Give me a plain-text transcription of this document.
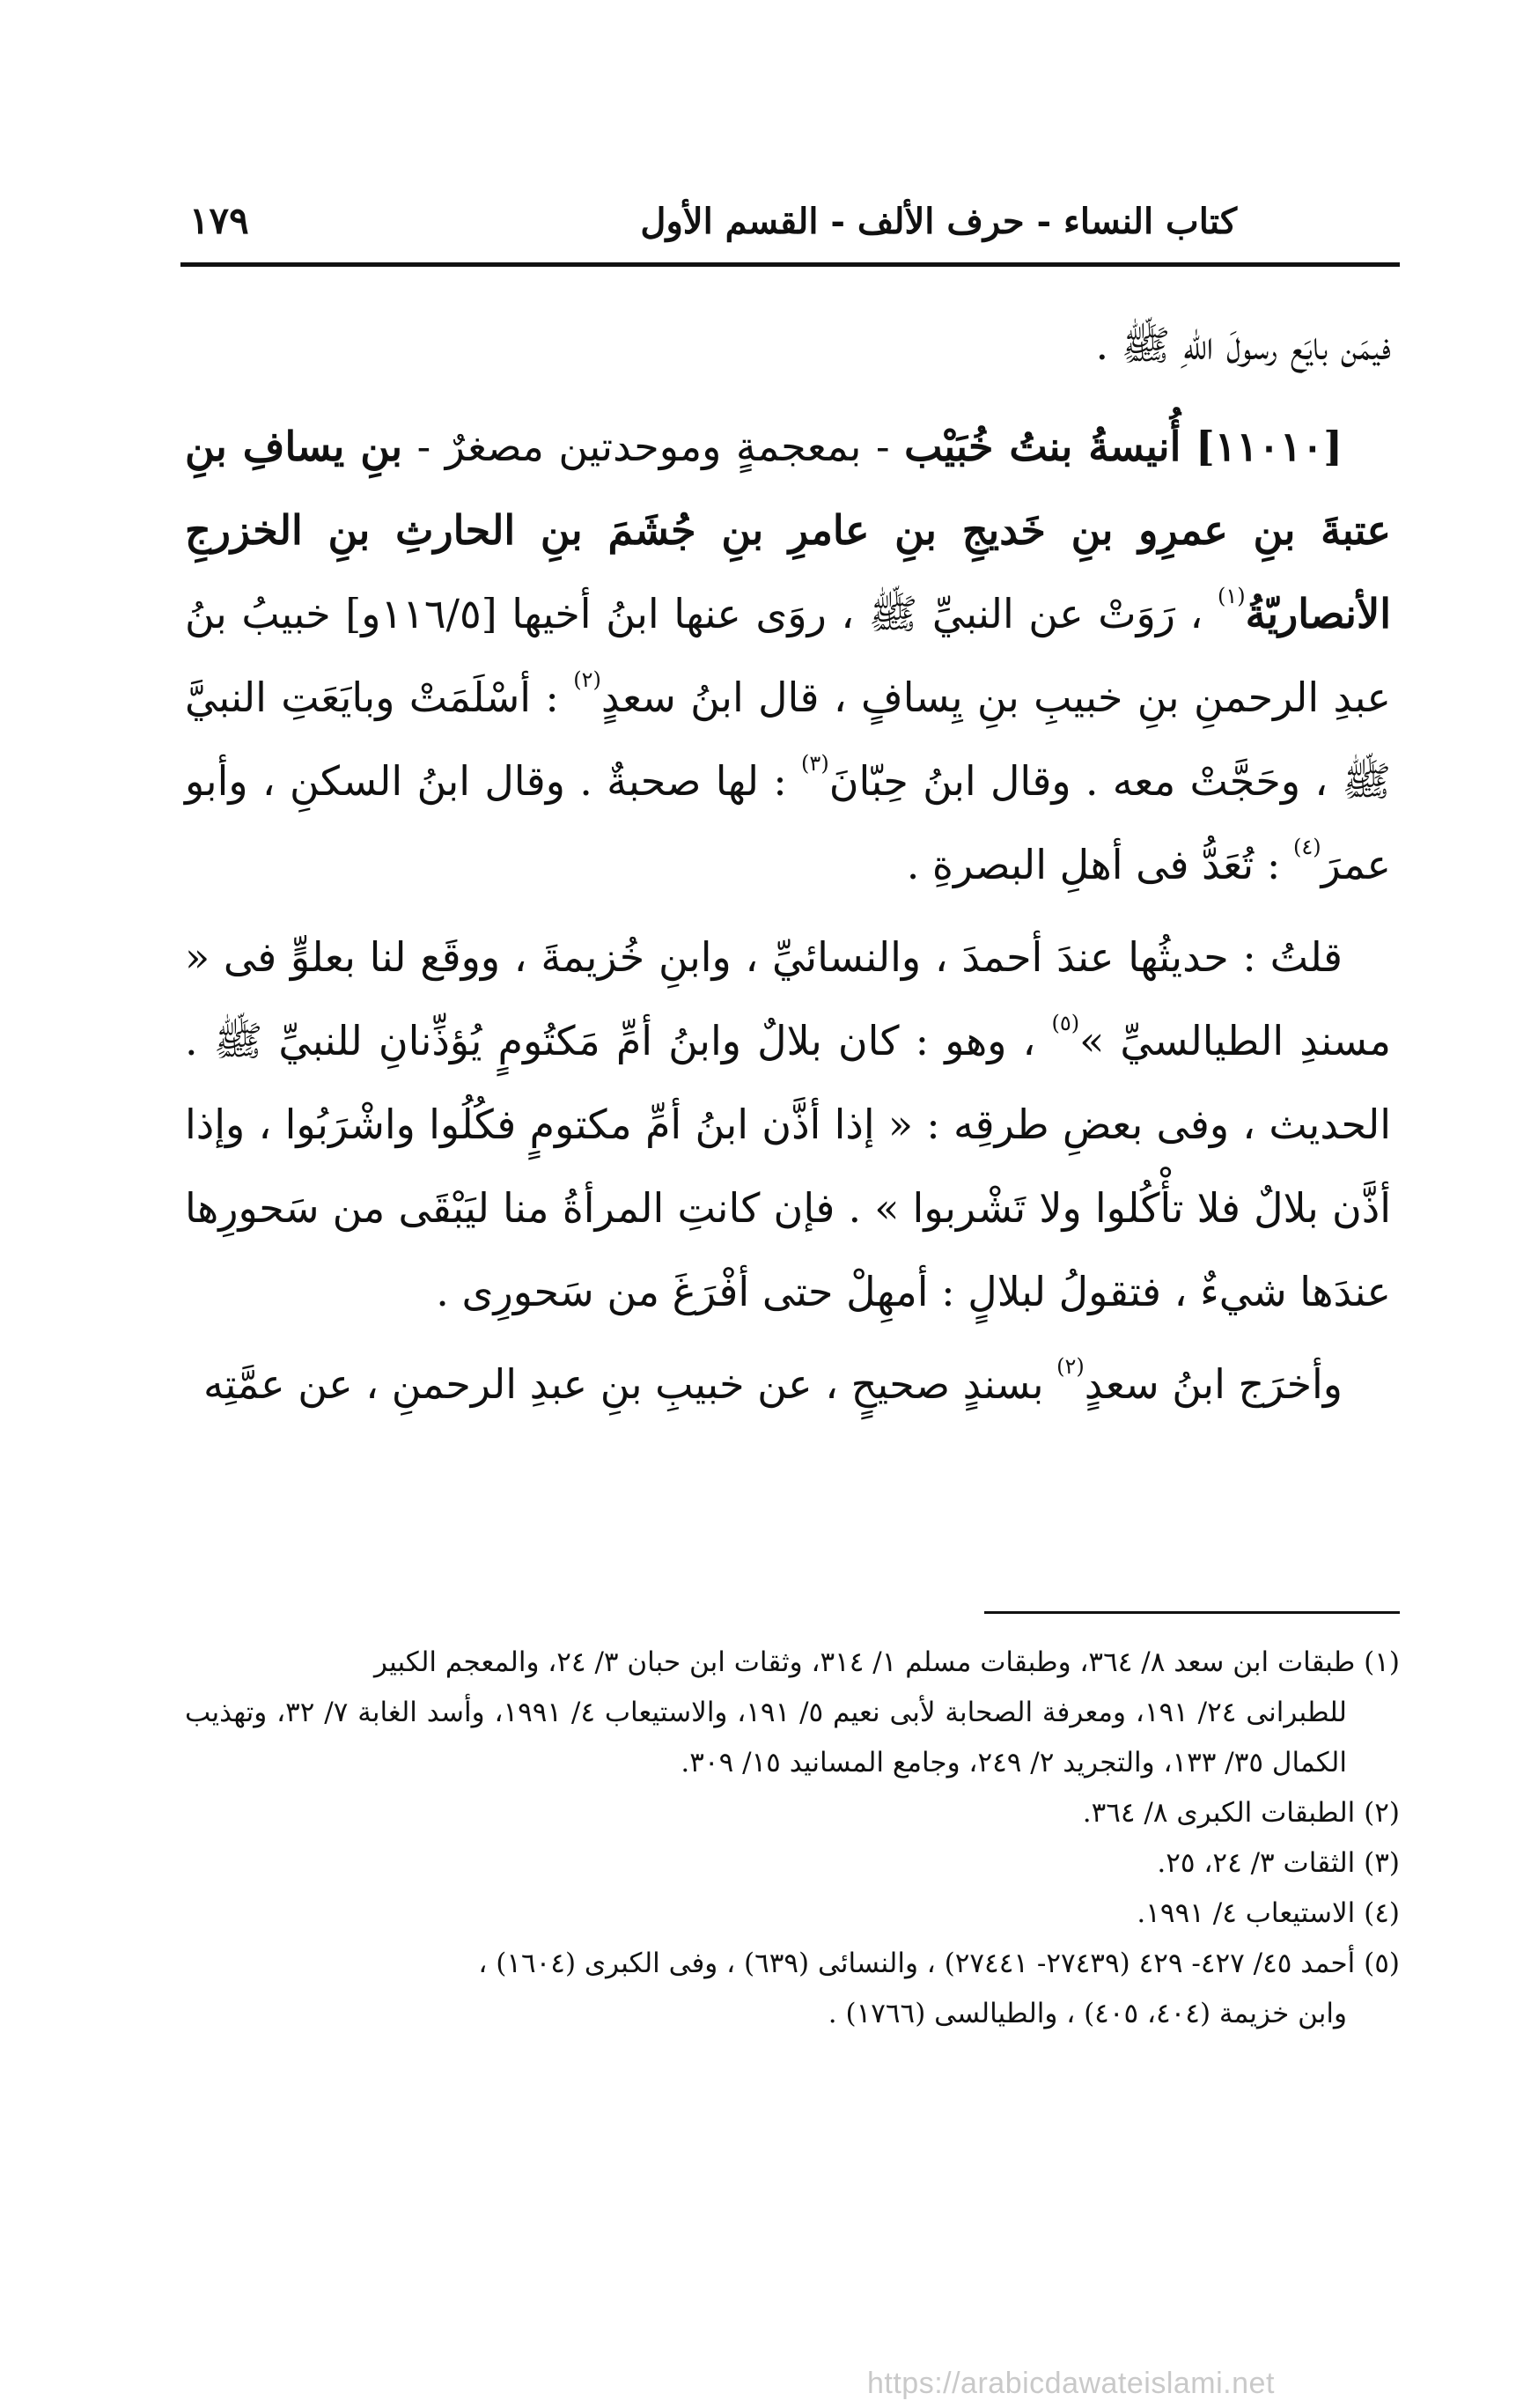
كتاب النساء - حرف الألف - القسم الأول
١٧٩

فيمَن بايَع رسولَ اللهِ ﷺ .

[١١٠١٠] أُنيسةُ بنتُ خُبَيْب - بمعجمةٍ وموحدتين مصغرٌ - بنِ يسافِ بنِ عتبةَ بنِ عمرِو بنِ خَديجِ بنِ عامرِ بنِ جُشَمَ بنِ الحارثِ بنِ الخزرجِ الأنصاريّةُ$^{(١)}$ ، رَوَتْ عن النبيِّ ﷺ ، روَى عنها ابنُ أخيها [١١٦/٥و] خبيبُ بنُ عبدِ الرحمنِ بنِ خبيبِ بنِ يِسافٍ ، قال ابنُ سعدٍ$^{(٢)}$ : أسْلَمَتْ وبايَعَتِ النبيَّ ﷺ ، وحَجَّتْ معه . وقال ابنُ حِبّانَ$^{(٣)}$ : لها صحبةٌ . وقال ابنُ السكنِ ، وأبو عمرَ$^{(٤)}$ : تُعَدُّ فى أهلِ البصرةِ .

قلتُ : حديثُها عندَ أحمدَ ، والنسائيِّ ، وابنِ خُزيمةَ ، ووقَع لنا بعلوٍّ فى « مسندِ الطيالسيِّ »$^{(٥)}$ ، وهو : كان بلالٌ وابنُ أمِّ مَكتُومٍ يُؤذِّنانِ للنبيِّ ﷺ . الحديث ، وفى بعضِ طرقِه : « إذا أذَّن ابنُ أمِّ مكتومٍ فكُلُوا واشْرَبُوا ، وإذا أذَّن بلالٌ فلا تأْكُلوا ولا تَشْربوا » . فإن كانتِ المرأةُ منا ليَبْقَى من سَحورِها عندَها شيءٌ ، فتقولُ لبلالٍ : أمهِلْ حتى أفْرَغَ من سَحورِى .

وأخرَج ابنُ سعدٍ$^{(٢)}$ بسندٍ صحيحٍ ، عن خبيبِ بنِ عبدِ الرحمنِ ، عن عمَّتِه

(١) طبقات ابن سعد ٨/ ٣٦٤، وطبقات مسلم ١/ ٣١٤، وثقات ابن حبان ٣/ ٢٤، والمعجم الكبير

للطبرانى ٢٤/ ١٩١، ومعرفة الصحابة لأبى نعيم ٥/ ١٩١، والاستيعاب ٤/ ١٩٩١، وأسد الغابة ٧/ ٣٢، وتهذيب الكمال ٣٥/ ١٣٣، والتجريد ٢/ ٢٤٩، وجامع المسانيد ١٥/ ٣٠٩.

(٢) الطبقات الكبرى ٨/ ٣٦٤.

(٣) الثقات ٣/ ٢٤، ٢٥.

(٤) الاستيعاب ٤/ ١٩٩١.

(٥) أحمد ٤٥/ ٤٢٧- ٤٢٩ (٢٧٤٣٩- ٢٧٤٤١) ، والنسائى (٦٣٩) ، وفى الكبرى (١٦٠٤) ،

وابن خزيمة (٤٠٤، ٤٠٥) ، والطيالسى (١٧٦٦) .

https://arabicdawateislami.net
